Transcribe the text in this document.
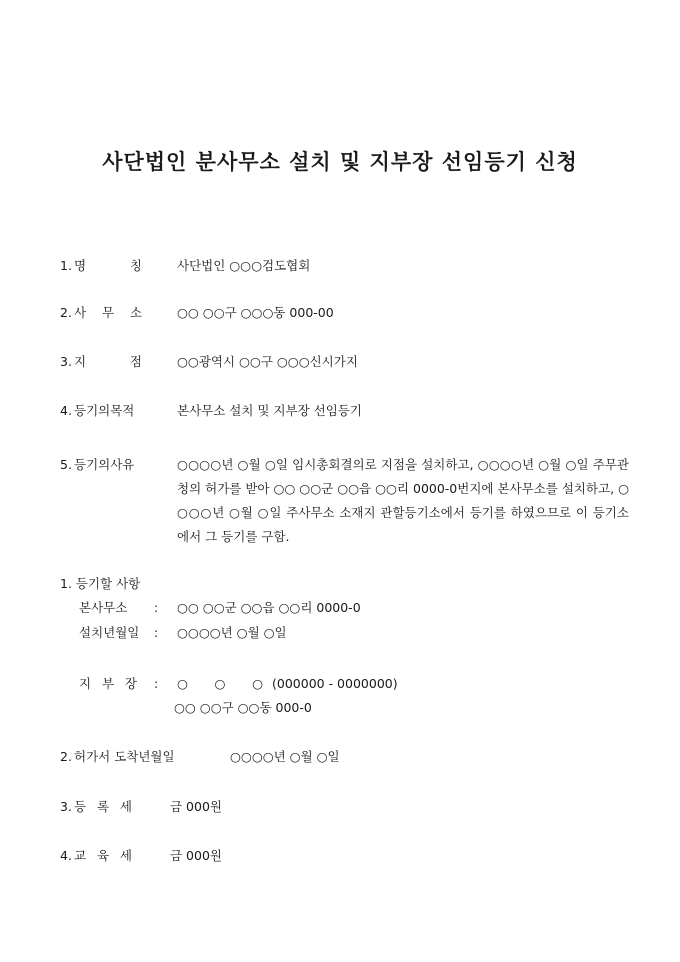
사단법인 분사무소 설치 및 지부장 선임등기 신청
1. 명	칭	사단법인 ○○○검도협회
2. 사 무 소	○○ ○○구 ○○○동 000-00
3. 지	점	○○광역시 ○○구 ○○○신시가지
4. 등기의목적	본사무소 설치 및 지부장 선임등기
5. 등기의사유	○○○○년 ○월 ○일 임시총회결의로 지점을 설치하고, ○○○○년 ○월 ○일 주무관청의 허가를 받아 ○○ ○○군 ○○읍 ○○리 0000-0번지에 본사무소를 설치하고, ○○○○년 ○월 ○일 주사무소 소재지 관할등기소에서 등기를 하였으므로 이 등기소에서 그 등기를 구함.
1. 등기할 사항
본사무소 : ○○ ○○군 ○○읍 ○○리 0000-0
설치년월일 : ○○○○년 ○월 ○일
지 부 장 : ○ ○ ○ (000000 - 0000000)
○○ ○○구 ○○동 000-0
2. 허가서 도착년월일	○○○○년 ○월 ○일
3. 등 록 세	금 000원
4. 교 육 세	금 000원
